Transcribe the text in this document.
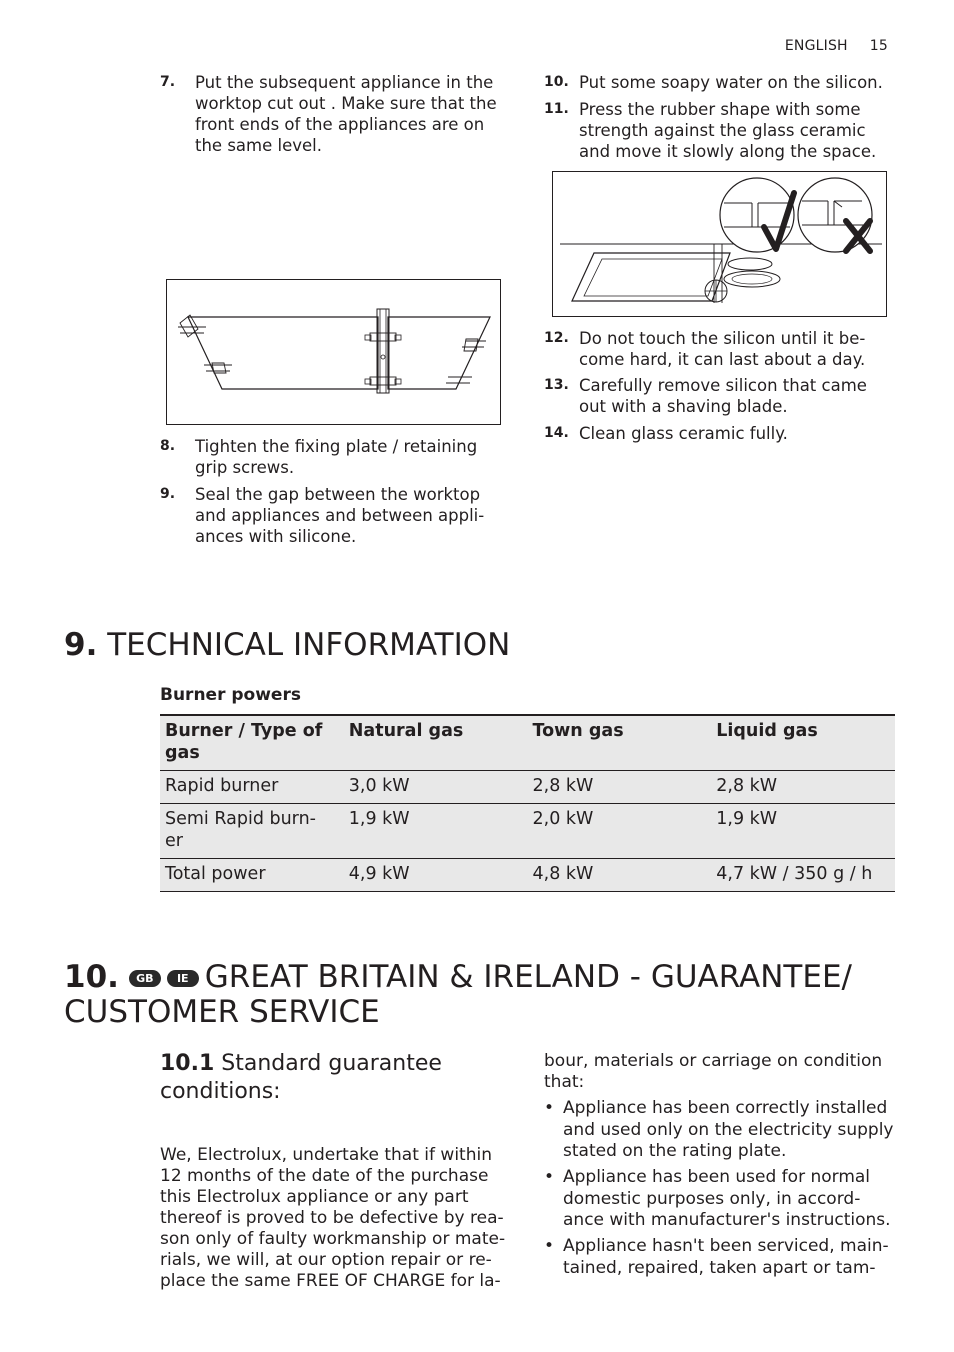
ENGLISH 15
7. Put the subsequent appliance in the
worktop cut out . Make sure that the
front ends of the appliances are on
the same level.
8. Tighten the fixing plate / retaining
grip screws.
9. Seal the gap between the worktop
and appliances and between appli-
ances with silicone.
10. Put some soapy water on the silicon.
11. Press the rubber shape with some
strength against the glass ceramic
and move it slowly along the space.
12. Do not touch the silicon until it be-
come hard, it can last about a day.
13. Carefully remove silicon that came
out with a shaving blade.
14. Clean glass ceramic fully.
9. TECHNICAL INFORMATION
Burner powers
Burner / Type of
gas	Natural gas	Town gas	Liquid gas
Rapid burner	3,0 kW	2,8 kW	2,8 kW

Semi Rapid burn-
er	1,9 kW	2,0 kW	1,9 kW
Total power	4,9 kW	4,8 kW	4,7 kW / 350 g / h
10. GB IE GREAT BRITAIN & IRELAND - GUARANTEE/
CUSTOMER SERVICE
10.1 Standard guarantee
conditions:
We, Electrolux, undertake that if within
12 months of the date of the purchase
this Electrolux appliance or any part
thereof is proved to be defective by rea-
son only of faulty workmanship or mate-
rials, we will, at our option repair or re-
place the same FREE OF CHARGE for la-
bour, materials or carriage on condition
that:
• Appliance has been correctly installed
and used only on the electricity supply
stated on the rating plate.
• Appliance has been used for normal
domestic purposes only, in accord-
ance with manufacturer's instructions.
• Appliance hasn't been serviced, main-
tained, repaired, taken apart or tam-
